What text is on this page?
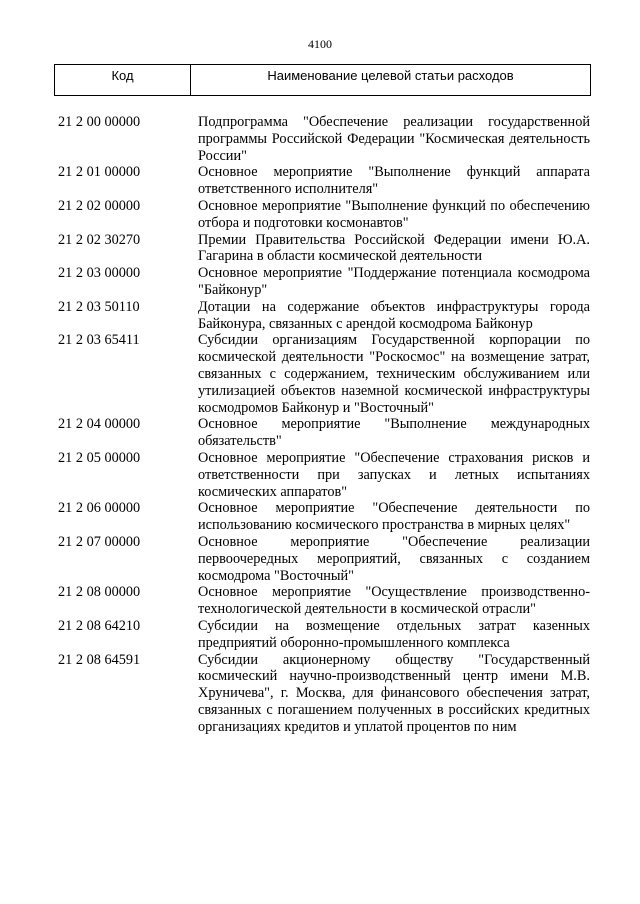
4100
Код	Наименование целевой статьи расходов
21 2 00 00000	Подпрограмма "Обеспечение реализации государственной программы Российской Федерации "Космическая деятельность России"
21 2 01 00000	Основное мероприятие "Выполнение функций аппарата ответственного исполнителя"
21 2 02 00000	Основное мероприятие "Выполнение функций по обеспечению отбора и подготовки космонавтов"
21 2 02 30270	Премии Правительства Российской Федерации имени Ю.А. Гагарина в области космической деятельности
21 2 03 00000	Основное мероприятие "Поддержание потенциала космодрома "Байконур"
21 2 03 50110	Дотации на содержание объектов инфраструктуры города Байконура, связанных с арендой космодрома Байконур
21 2 03 65411	Субсидии организациям Государственной корпорации по космической деятельности "Роскосмос" на возмещение затрат, связанных с содержанием, техническим обслуживанием или утилизацией объектов наземной космической инфраструктуры космодромов Байконур и "Восточный"
21 2 04 00000	Основное мероприятие "Выполнение международных обязательств"
21 2 05 00000	Основное мероприятие "Обеспечение страхования рисков и ответственности при запусках и летных испытаниях космических аппаратов"
21 2 06 00000	Основное мероприятие "Обеспечение деятельности по использованию космического пространства в мирных целях"
21 2 07 00000	Основное мероприятие "Обеспечение реализации первоочередных мероприятий, связанных с созданием космодрома "Восточный"
21 2 08 00000	Основное мероприятие "Осуществление производственно-технологической деятельности в космической отрасли"
21 2 08 64210	Субсидии на возмещение отдельных затрат казенных предприятий оборонно-промышленного комплекса
21 2 08 64591	Субсидии акционерному обществу "Государственный космический научно-производственный центр имени М.В. Хруничева", г. Москва, для финансового обеспечения затрат, связанных с погашением полученных в российских кредитных организациях кредитов и уплатой процентов по ним
